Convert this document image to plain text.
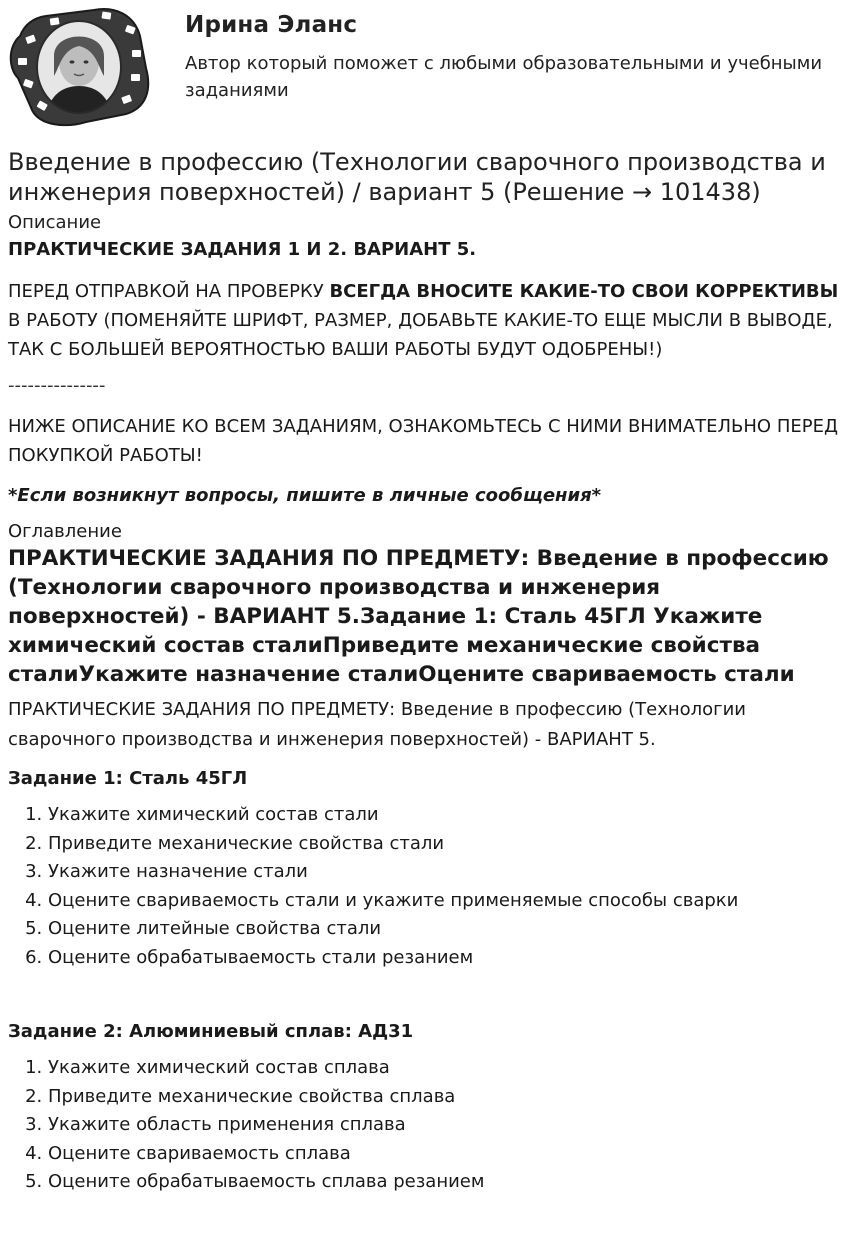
Ирина Эланс
Автор который поможет с любыми образовательными и учебными заданиями
Введение в профессию (Технологии сварочного производства и инженерия поверхностей) / вариант 5 (Решение → 101438)
Описание
ПРАКТИЧЕСКИЕ ЗАДАНИЯ 1 И 2. ВАРИАНТ 5.

ПЕРЕД ОТПРАВКОЙ НА ПРОВЕРКУ ВСЕГДА ВНОСИТЕ КАКИЕ-ТО СВОИ КОРРЕКТИВЫ В РАБОТУ (ПОМЕНЯЙТЕ ШРИФТ, РАЗМЕР, ДОБАВЬТЕ КАКИЕ-ТО ЕЩЕ МЫСЛИ В ВЫВОДЕ, ТАК С БОЛЬШЕЙ ВЕРОЯТНОСТЬЮ ВАШИ РАБОТЫ БУДУТ ОДОБРЕНЫ!)

---------------

НИЖЕ ОПИСАНИЕ КО ВСЕМ ЗАДАНИЯМ, ОЗНАКОМЬТЕСЬ С НИМИ ВНИМАТЕЛЬНО ПЕРЕД ПОКУПКОЙ РАБОТЫ!

*Если возникнут вопросы, пишите в личные сообщения*
Оглавление
ПРАКТИЧЕСКИЕ ЗАДАНИЯ ПО ПРЕДМЕТУ: Введение в профессию (Технологии сварочного производства и инженерия поверхностей) - ВАРИАНТ 5.Задание 1: Сталь 45ГЛ Укажите химический состав сталиПриведите механические свойства сталиУкажите назначение сталиОцените свариваемость стали

ПРАКТИЧЕСКИЕ ЗАДАНИЯ ПО ПРЕДМЕТУ: Введение в профессию (Технологии сварочного производства и инженерия поверхностей) - ВАРИАНТ 5.

Задание 1: Сталь 45ГЛ
1. Укажите химический состав стали
2. Приведите механические свойства стали
3. Укажите назначение стали
4. Оцените свариваемость стали и укажите применяемые способы сварки
5. Оцените литейные свойства стали
6. Оцените обрабатываемость стали резанием
Задание 2: Алюминиевый сплав: АД31
1. Укажите химический состав сплава
2. Приведите механические свойства сплава
3. Укажите область применения сплава
4. Оцените свариваемость сплава
5. Оцените обрабатываемость сплава резанием
